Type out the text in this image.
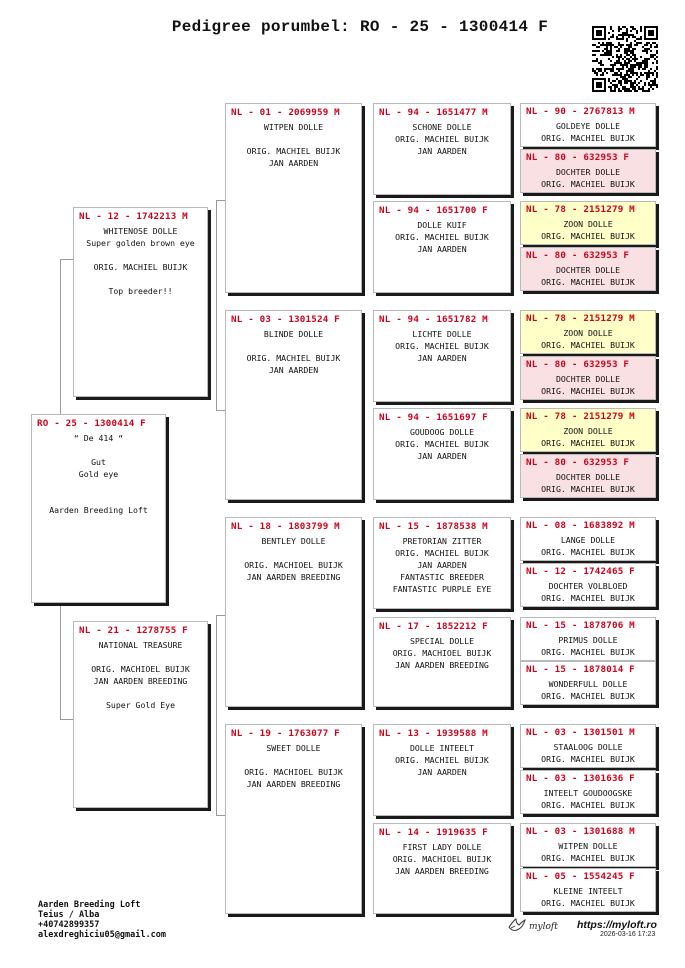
Pedigree porumbel: RO - 25 - 1300414 F
RO - 25 - 1300414 F
“ De 414 “
Gut
Gold eye
Aarden Breeding Loft
NL - 12 - 1742213 M
WHITENOSE DOLLE
Super golden brown eye
ORIG. MACHIEL BUIJK
Top breeder!!
NL - 21 - 1278755 F
NATIONAL TREASURE
ORIG. MACHIOEL BUIJK
JAN AARDEN BREEDING
Super Gold Eye
NL - 01 - 2069959 M
WITPEN DOLLE
ORIG. MACHIEL BUIJK
JAN AARDEN
NL - 03 - 1301524 F
BLINDE DOLLE
ORIG. MACHIEL BUIJK
JAN AARDEN
NL - 18 - 1803799 M
BENTLEY DOLLE
ORIG. MACHIOEL BUIJK
JAN AARDEN BREEDING
NL - 19 - 1763077 F
SWEET DOLLE
ORIG. MACHIOEL BUIJK
JAN AARDEN BREEDING
NL - 94 - 1651477 M
SCHONE DOLLE
ORIG. MACHIEL BUIJK
JAN AARDEN
NL - 94 - 1651700 F
DOLLE KUIF
ORIG. MACHIEL BUIJK
JAN AARDEN
NL - 94 - 1651782 M
LICHTE DOLLE
ORIG. MACHIEL BUIJK
JAN AARDEN
NL - 94 - 1651697 F
GOUDOOG DOLLE
ORIG. MACHIEL BUIJK
JAN AARDEN
NL - 15 - 1878538 M
PRETORIAN ZITTER
ORIG. MACHIEL BUIJK
JAN AARDEN
FANTASTIC BREEDER
FANTASTIC PURPLE EYE
NL - 17 - 1852212 F
SPECIAL DOLLE
ORIG. MACHIOEL BUIJK
JAN AARDEN BREEDING
NL - 13 - 1939588 M
DOLLE INTEELT
ORIG. MACHIEL BUIJK
JAN AARDEN
NL - 14 - 1919635 F
FIRST LADY DOLLE
ORIG. MACHIOEL BUIJK
JAN AARDEN BREEDING
NL - 90 - 2767813 M
GOLDEYE DOLLE
ORIG. MACHIEL BUIJK
NL - 80 - 632953 F
DOCHTER DOLLE
ORIG. MACHIEL BUIJK
NL - 78 - 2151279 M
ZOON DOLLE
ORIG. MACHIEL BUIJK
NL - 80 - 632953 F
DOCHTER DOLLE
ORIG. MACHIEL BUIJK
NL - 78 - 2151279 M
ZOON DOLLE
ORIG. MACHIEL BUIJK
NL - 80 - 632953 F
DOCHTER DOLLE
ORIG. MACHIEL BUIJK
NL - 78 - 2151279 M
ZOON DOLLE
ORIG. MACHIEL BUIJK
NL - 80 - 632953 F
DOCHTER DOLLE
ORIG. MACHIEL BUIJK
NL - 08 - 1683892 M
LANGE DOLLE
ORIG. MACHIEL BUIJK
NL - 12 - 1742465 F
DOCHTER VOLBLOED
ORIG. MACHIEL BUIJK
NL - 15 - 1878706 M
PRIMUS DOLLE
ORIG. MACHIEL BUIJK
NL - 15 - 1878014 F
WONDERFULL DOLLE
ORIG. MACHIEL BUIJK
NL - 03 - 1301501 M
STAALOOG DOLLE
ORIG. MACHIEL BUIJK
NL - 03 - 1301636 F
INTEELT GOUDOOGSKE
ORIG. MACHIEL BUIJK
NL - 03 - 1301688 M
WITPEN DOLLE
ORIG. MACHIEL BUIJK
NL - 05 - 1554245 F
KLEINE INTEELT
ORIG. MACHIEL BUIJK
Aarden Breeding Loft
Teius / Alba
+40742899357
alexdreghiciu05@gmail.com
myloft https://myloft.ro
2026-03-16 17:23
